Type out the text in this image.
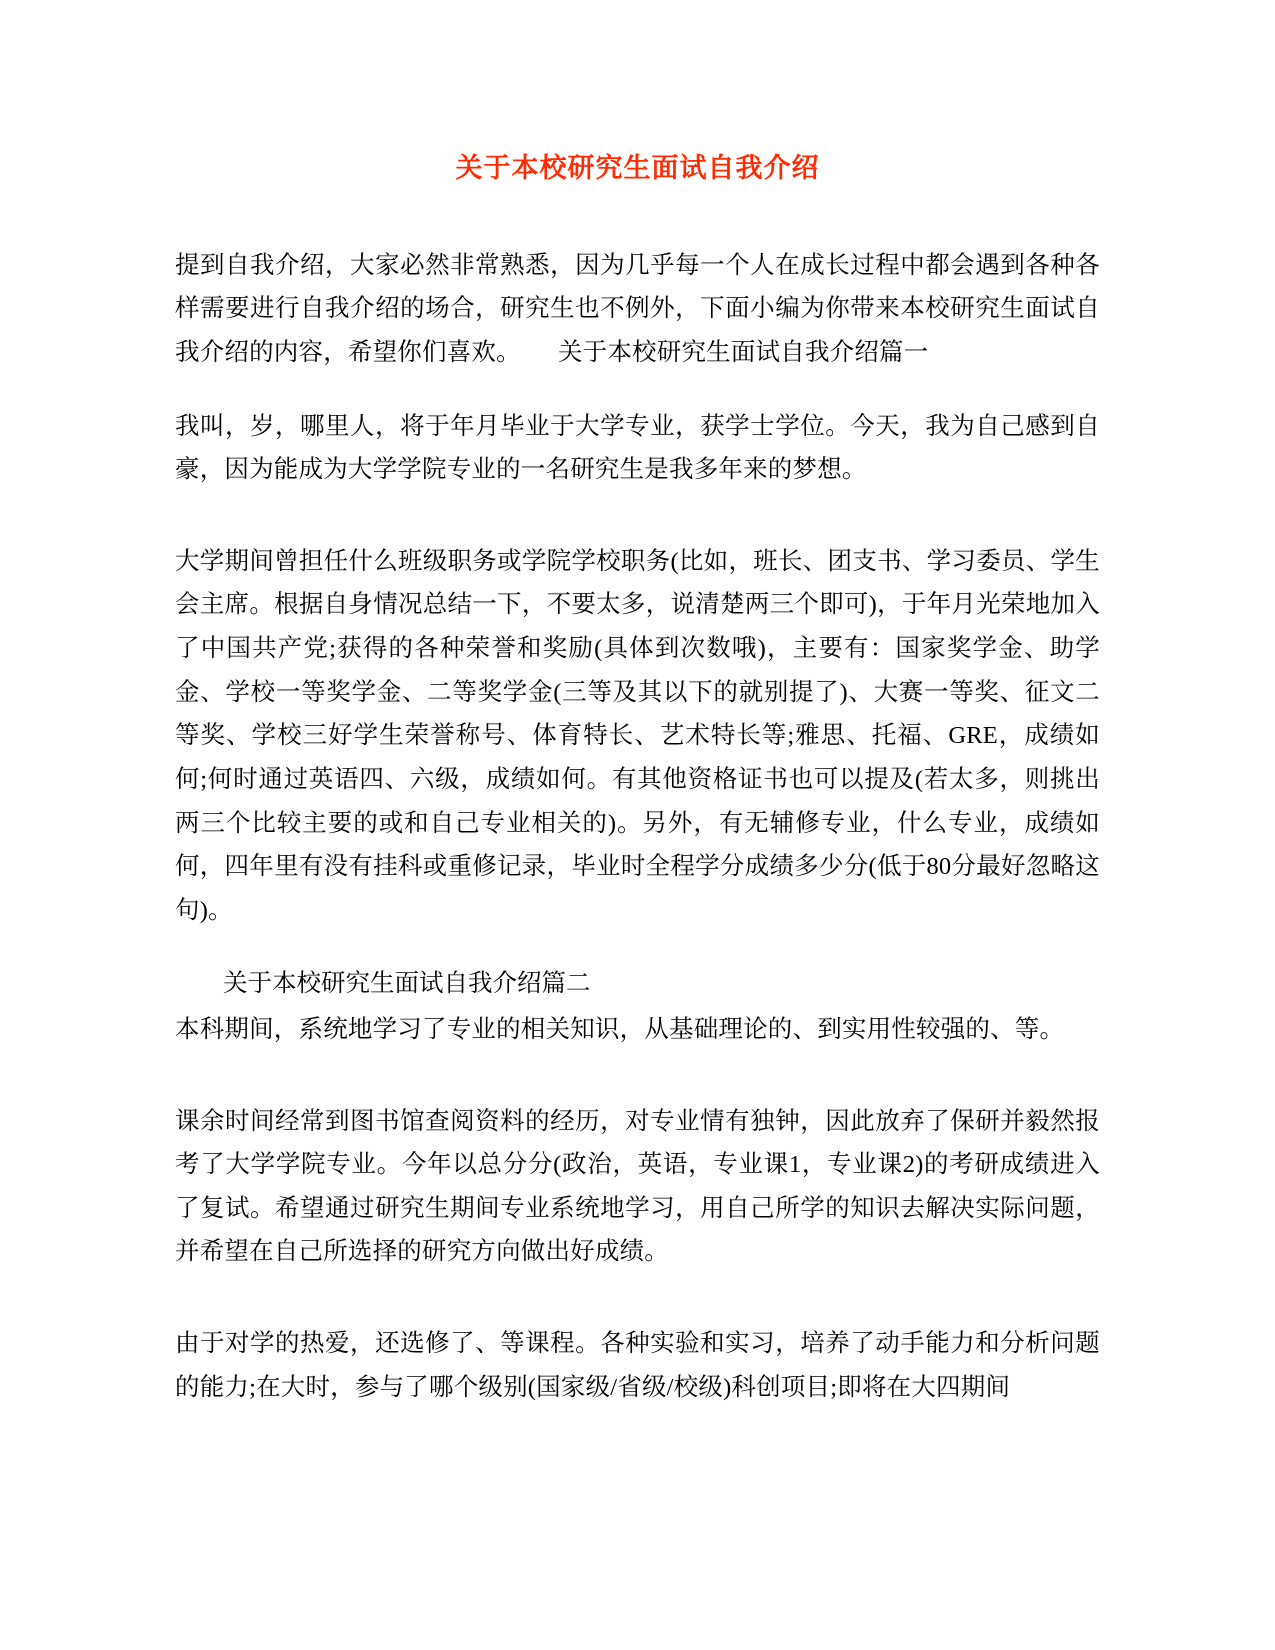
关于本校研究生面试自我介绍

提到自我介绍，大家必然非常熟悉，因为几乎每一个人在成长过程中都会遇到各种各样需要进行自我介绍的场合，研究生也不例外，下面小编为你带来本校研究生面试自我介绍的内容，希望你们喜欢。　　关于本校研究生面试自我介绍篇一

我叫，岁，哪里人，将于年月毕业于大学专业，获学士学位。今天，我为自己感到自豪，因为能成为大学学院专业的一名研究生是我多年来的梦想。

大学期间曾担任什么班级职务或学院学校职务(比如，班长、团支书、学习委员、学生会主席。根据自身情况总结一下，不要太多，说清楚两三个即可)，于年月光荣地加入了中国共产党;获得的各种荣誉和奖励(具体到次数哦)，主要有：国家奖学金、助学金、学校一等奖学金、二等奖学金(三等及其以下的就别提了)、大赛一等奖、征文二等奖、学校三好学生荣誉称号、体育特长、艺术特长等;雅思、托福、GRE，成绩如何;何时通过英语四、六级，成绩如何。有其他资格证书也可以提及(若太多，则挑出两三个比较主要的或和自己专业相关的)。另外，有无辅修专业，什么专业，成绩如何，四年里有没有挂科或重修记录，毕业时全程学分成绩多少分(低于80分最好忽略这句)。

关于本校研究生面试自我介绍篇二

本科期间，系统地学习了专业的相关知识，从基础理论的、到实用性较强的、等。

课余时间经常到图书馆查阅资料的经历，对专业情有独钟，因此放弃了保研并毅然报考了大学学院专业。今年以总分分(政治，英语，专业课1，专业课2)的考研成绩进入了复试。希望通过研究生期间专业系统地学习，用自己所学的知识去解决实际问题，并希望在自己所选择的研究方向做出好成绩。

由于对学的热爱，还选修了、等课程。各种实验和实习，培养了动手能力和分析问题的能力;在大时，参与了哪个级别(国家级/省级/校级)科创项目;即将在大四期间
